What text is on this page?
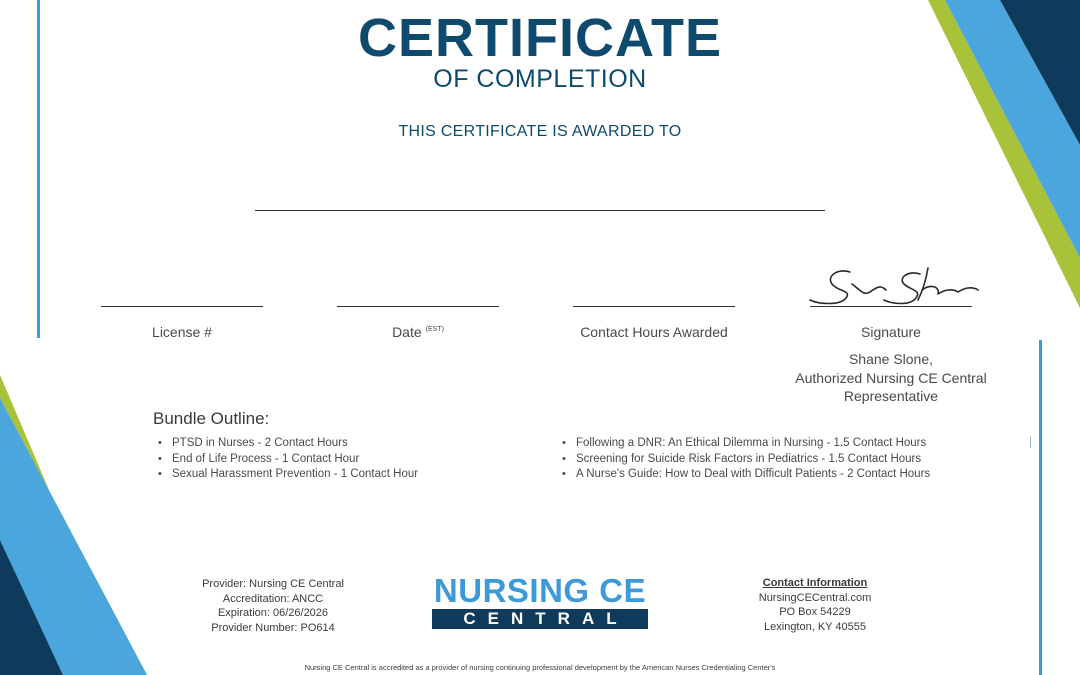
CERTIFICATE
OF COMPLETION
THIS CERTIFICATE IS AWARDED TO
License #	Date $^{(EST)}$	Contact Hours Awarded	Signature
Shane Slone,
Authorized Nursing CE Central
Representative
Bundle Outline:
• PTSD in Nurses - 2 Contact Hours
• End of Life Process - 1 Contact Hour
• Sexual Harassment Prevention - 1 Contact Hour
• Following a DNR: An Ethical Dilemma in Nursing - 1.5 Contact Hours
• Screening for Suicide Risk Factors in Pediatrics - 1.5 Contact Hours
• A Nurse's Guide: How to Deal with Difficult Patients - 2 Contact Hours
Provider: Nursing CE Central
Accreditation: ANCC
Expiration: 06/26/2026
Provider Number: PO614
NURSING CE
CENTRAL
Contact Information
NursingCECentral.com
PO Box 54229
Lexington, KY 40555
Nursing CE Central is accredited as a provider of nursing continuing professional development by the American Nurses Credentialing Center's
